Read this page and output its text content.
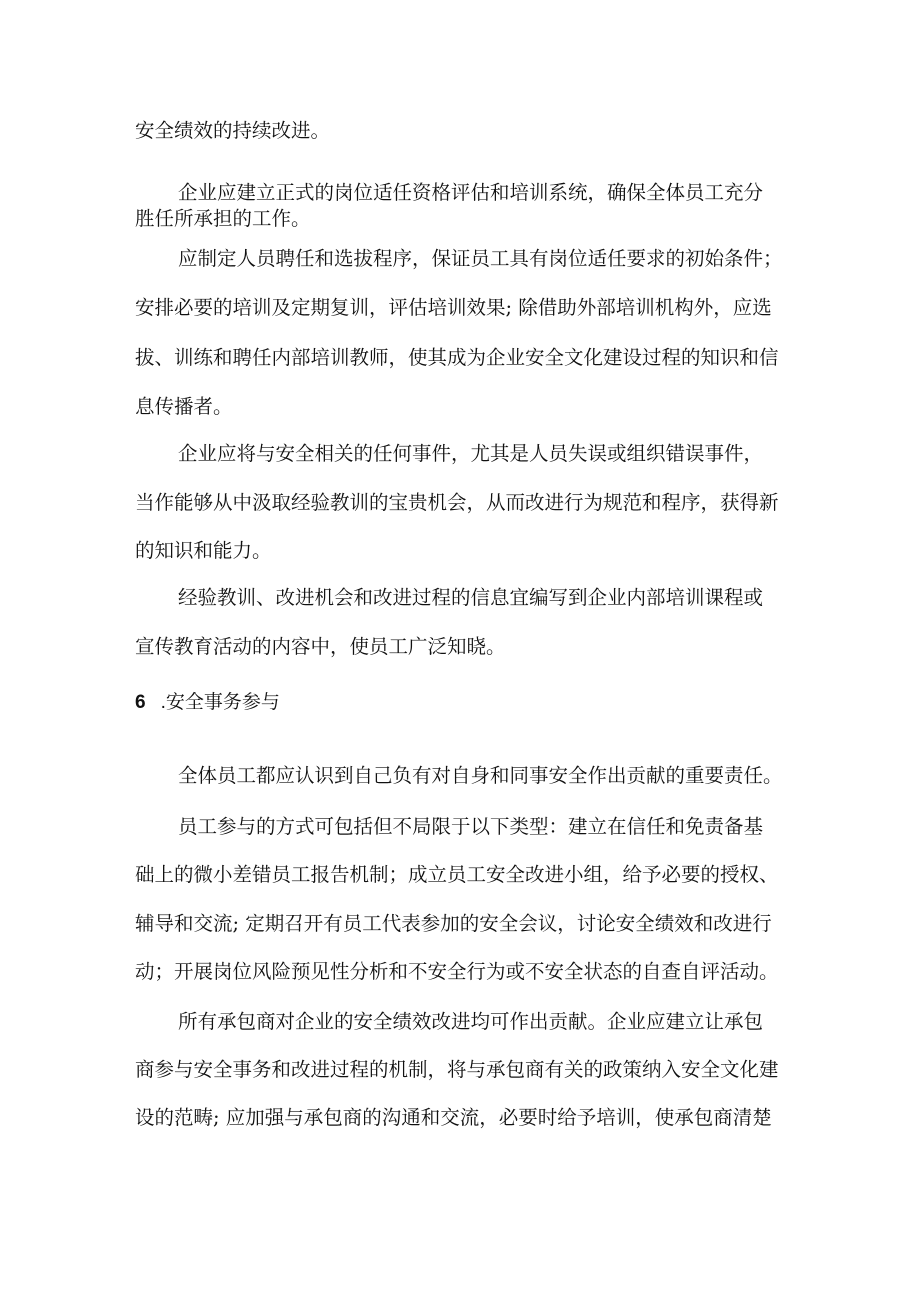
安全绩效的持续改进。
企业应建立正式的岗位适任资格评估和培训系统，确保全体员工充分
胜任所承担的工作。
应制定人员聘任和选拔程序，保证员工具有岗位适任要求的初始条件；
安排必要的培训及定期复训，评估培训效果; 除借助外部培训机构外，应选
拔、训练和聘任内部培训教师，使其成为企业安全文化建设过程的知识和信
息传播者。
企业应将与安全相关的任何事件，尤其是人员失误或组织错误事件，
当作能够从中汲取经验教训的宝贵机会，从而改进行为规范和程序，获得新
的知识和能力。
经验教训、改进机会和改进过程的信息宜编写到企业内部培训课程或
宣传教育活动的内容中，使员工广泛知晓。
6 .安全事务参与
全体员工都应认识到自己负有对自身和同事安全作出贡献的重要责任。
员工参与的方式可包括但不局限于以下类型：建立在信任和免责备基
础上的微小差错员工报告机制；成立员工安全改进小组，给予必要的授权、
辅导和交流; 定期召开有员工代表参加的安全会议，讨论安全绩效和改进行
动；开展岗位风险预见性分析和不安全行为或不安全状态的自查自评活动。
所有承包商对企业的安全绩效改进均可作出贡献。企业应建立让承包
商参与安全事务和改进过程的机制，将与承包商有关的政策纳入安全文化建
设的范畴; 应加强与承包商的沟通和交流，必要时给予培训，使承包商清楚
